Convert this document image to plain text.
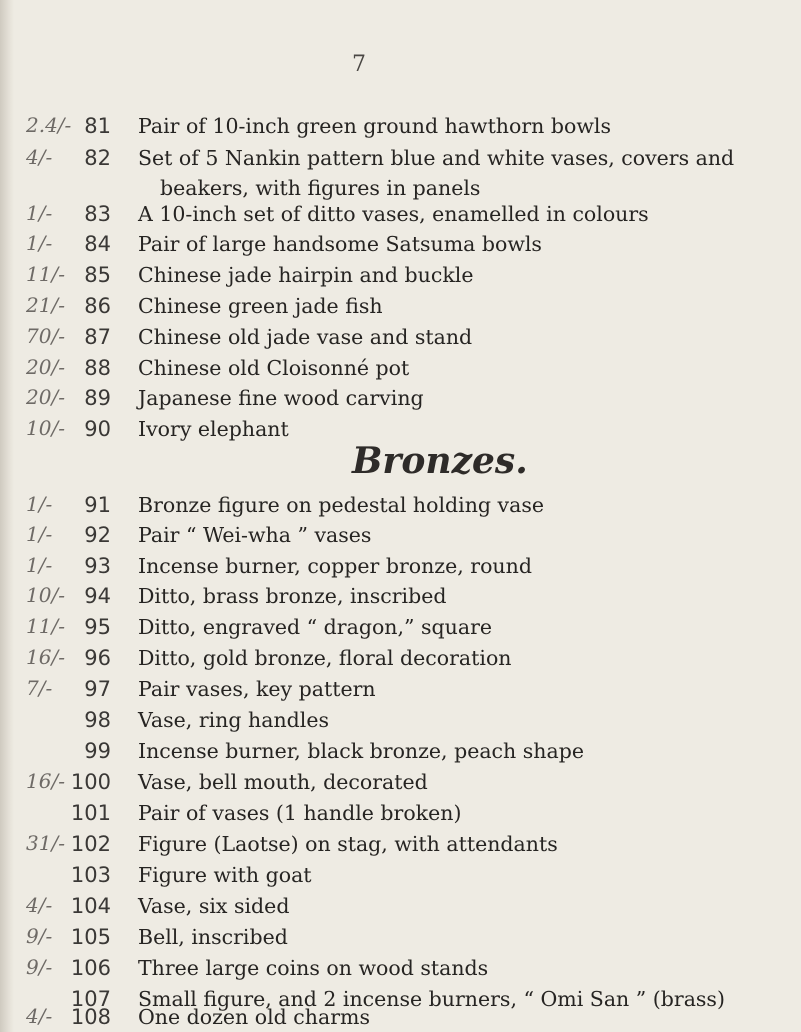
7
Bronzes.
2.4/- 81 Pair of 10-inch green ground hawthorn bowls
4/- 82 Set of 5 Nankin pattern blue and white vases, covers and
beakers, with figures in panels
1/- 83 A 10-inch set of ditto vases, enamelled in colours
1/- 84 Pair of large handsome Satsuma bowls
11/- 85 Chinese jade hairpin and buckle
21/- 86 Chinese green jade fish
70/- 87 Chinese old jade vase and stand
20/- 88 Chinese old Cloisonné pot
20/- 89 Japanese fine wood carving
10/- 90 Ivory elephant
1/- 91 Bronze figure on pedestal holding vase
1/- 92 Pair “ Wei-wha ” vases
1/- 93 Incense burner, copper bronze, round
10/- 94 Ditto, brass bronze, inscribed
11/- 95 Ditto, engraved “ dragon,” square
16/- 96 Ditto, gold bronze, floral decoration
7/- 97 Pair vases, key pattern
98 Vase, ring handles
99 Incense burner, black bronze, peach shape
16/- 100 Vase, bell mouth, decorated
101 Pair of vases (1 handle broken)
31/- 102 Figure (Laotse) on stag, with attendants
103 Figure with goat
4/- 104 Vase, six sided
9/- 105 Bell, inscribed
9/- 106 Three large coins on wood stands
107 Small figure, and 2 incense burners, “ Omi San ” (brass)
4/- 108 One dozen old charms
